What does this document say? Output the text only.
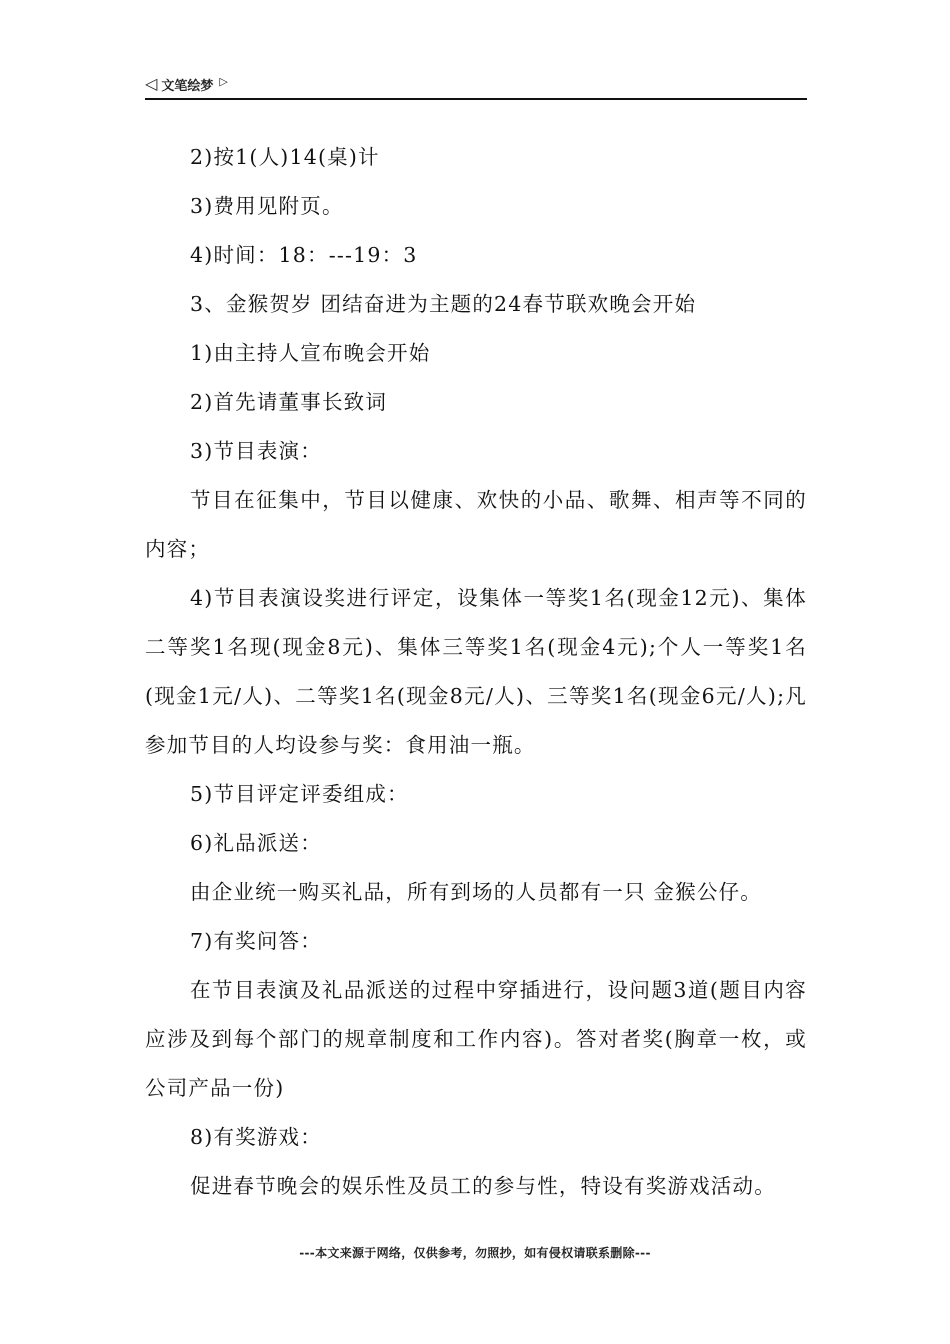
◁ 文笔绘梦 ▷

2)按1(人)14(桌)计

3)费用见附页。

4)时间：18：---19：3

3、金猴贺岁 团结奋进为主题的24春节联欢晚会开始

1)由主持人宣布晚会开始

2)首先请董事长致词

3)节目表演：

节目在征集中，节目以健康、欢快的小品、歌舞、相声等不同的内容；

4)节目表演设奖进行评定，设集体一等奖1名(现金12元)、集体二等奖1名现(现金8元)、集体三等奖1名(现金4元);个人一等奖1名(现金1元/人)、二等奖1名(现金8元/人)、三等奖1名(现金6元/人);凡参加节目的人均设参与奖：食用油一瓶。

5)节目评定评委组成：

6)礼品派送：

由企业统一购买礼品，所有到场的人员都有一只 金猴公仔。

7)有奖问答：

在节目表演及礼品派送的过程中穿插进行，设问题3道(题目内容应涉及到每个部门的规章制度和工作内容)。答对者奖(胸章一枚，或公司产品一份)

8)有奖游戏：

促进春节晚会的娱乐性及员工的参与性，特设有奖游戏活动。

---本文来源于网络，仅供参考，勿照抄，如有侵权请联系删除---
